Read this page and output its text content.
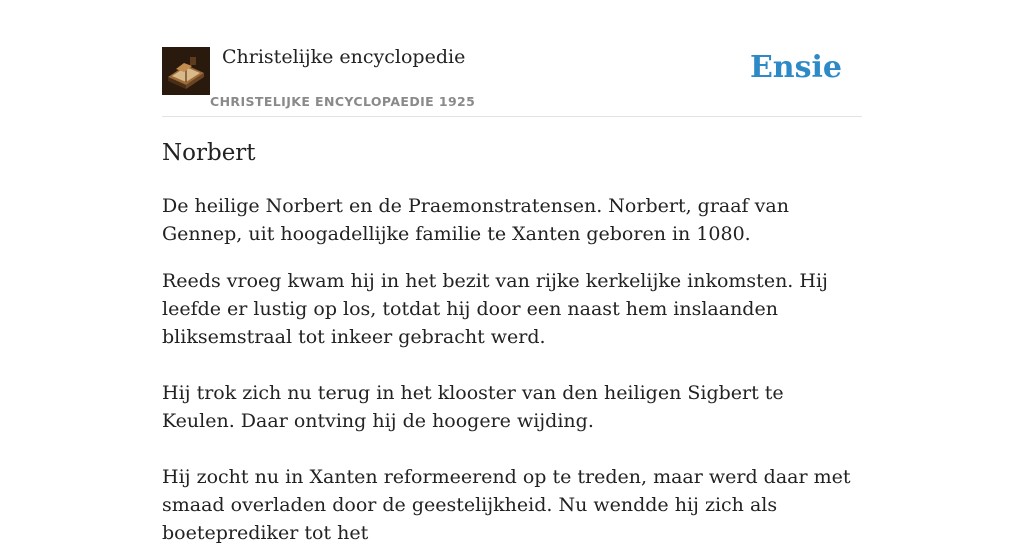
Christelijke encyclopedie
CHRISTELIJKE ENCYCLOPAEDIE 1925
Ensie
Norbert

De heilige Norbert en de Praemonstratensen. Norbert, graaf van Gennep, uit hoogadellijke familie te Xanten geboren in 1080.

Reeds vroeg kwam hij in het bezit van rijke kerkelijke inkomsten. Hij leefde er lustig op los, totdat hij door een naast hem inslaanden bliksemstraal tot inkeer gebracht werd.

Hij trok zich nu terug in het klooster van den heiligen Sigbert te Keulen. Daar ontving hij de hoogere wijding.

Hij zocht nu in Xanten reformeerend op te treden, maar werd daar met smaad overladen door de geestelijkheid. Nu wendde hij zich als boeteprediker tot het
